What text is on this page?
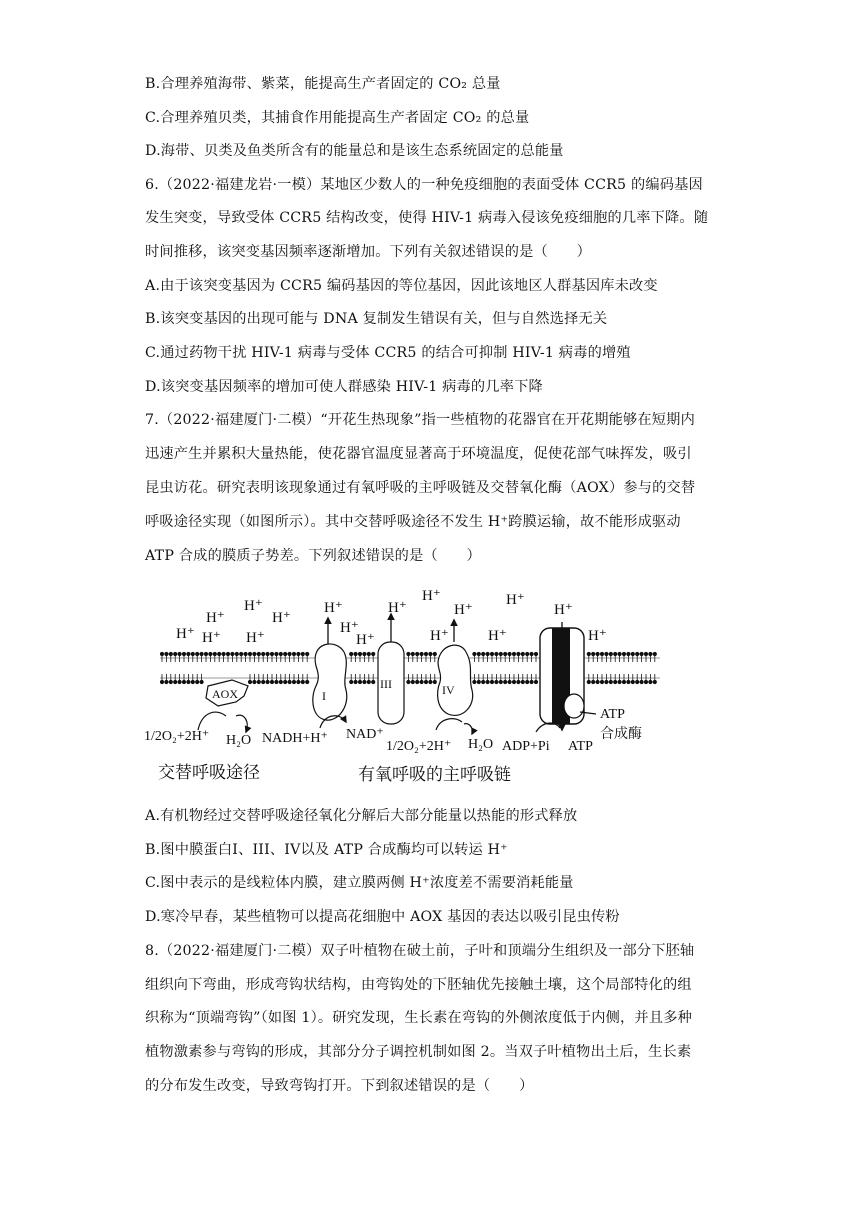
B.合理养殖海带、紫菜，能提高生产者固定的 CO₂ 总量
C.合理养殖贝类，其捕食作用能提高生产者固定 CO₂ 的总量
D.海带、贝类及鱼类所含有的能量总和是该生态系统固定的总能量
6.（2022·福建龙岩·一模）某地区少数人的一种免疫细胞的表面受体 CCR5 的编码基因
发生突变，导致受体 CCR5 结构改变，使得 HIV-1 病毒入侵该免疫细胞的几率下降。随
时间推移，该突变基因频率逐渐增加。下列有关叙述错误的是（　　）
A.由于该突变基因为 CCR5 编码基因的等位基因，因此该地区人群基因库未改变
B.该突变基因的出现可能与 DNA 复制发生错误有关，但与自然选择无关
C.通过药物干扰 HIV-1 病毒与受体 CCR5 的结合可抑制 HIV-1 病毒的增殖
D.该突变基因频率的增加可使人群感染 HIV-1 病毒的几率下降
7.（2022·福建厦门·二模）“开花生热现象”指一些植物的花器官在开花期能够在短期内
迅速产生并累积大量热能，使花器官温度显著高于环境温度，促使花部气味挥发，吸引
昆虫访花。研究表明该现象通过有氧呼吸的主呼吸链及交替氧化酶（AOX）参与的交替
呼吸途径实现（如图所示）。其中交替呼吸途径不发生 H⁺跨膜运输，故不能形成驱动
ATP 合成的膜质子势差。下列叙述错误的是（　　）
A.有机物经过交替呼吸途径氧化分解后大部分能量以热能的形式释放
B.图中膜蛋白I、III、IV以及 ATP 合成酶均可以转运 H⁺
C.图中表示的是线粒体内膜，建立膜两侧 H⁺浓度差不需要消耗能量
D.寒冷早春，某些植物可以提高花细胞中 AOX 基因的表达以吸引昆虫传粉
8.（2022·福建厦门·二模）双子叶植物在破土前，子叶和顶端分生组织及一部分下胚轴
组织向下弯曲，形成弯钩状结构，由弯钩处的下胚轴优先接触土壤，这个局部特化的组
织称为“顶端弯钩”（如图 1）。研究发现，生长素在弯钩的外侧浓度低于内侧，并且多种
植物激素参与弯钩的形成，其部分分子调控机制如图 2。当双子叶植物出土后，生长素
的分布发生改变，导致弯钩打开。下到叙述错误的是（　　）
AOX	I
III	IV
H⁺
H⁺
H⁺
H⁺
H⁺
H⁺
H⁺
H⁺
H⁺
H⁺
H⁺
H⁺
H⁺	H⁺
H⁺
H⁺
H⁺
1/2O₂+2H⁺ H₂O NADH+H⁺ NAD⁺
1/2O₂+2H⁺ H₂O ADP+Pi ATP
ATP
合成酶
交替呼吸途径	有氧呼吸的主呼吸链
